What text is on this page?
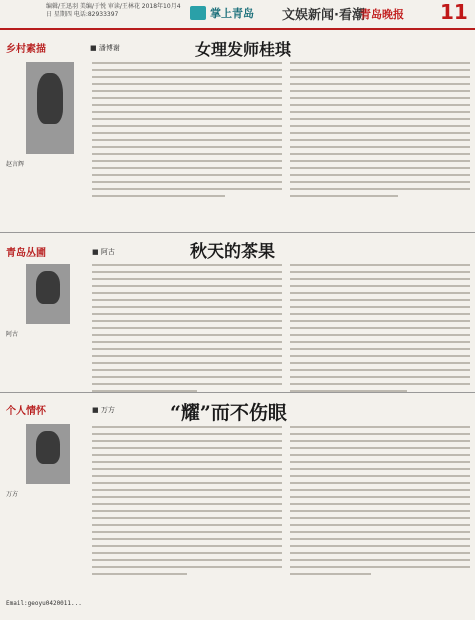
编辑/王迅羽 美编/于悦 审读/王林花 2018年10月4日 星期四 电话:82933397	掌上青岛 文娱新闻·看潮
青岛晚报 11
乡村素描	■ 潘博谢	女理发师桂琪
赵言辉
青岛丛圃	■ 阿古	秋天的茶果
阿古
个人情怀	■ 万方	“耀”而不伤眼
万方
Email:geoyu0420011...
